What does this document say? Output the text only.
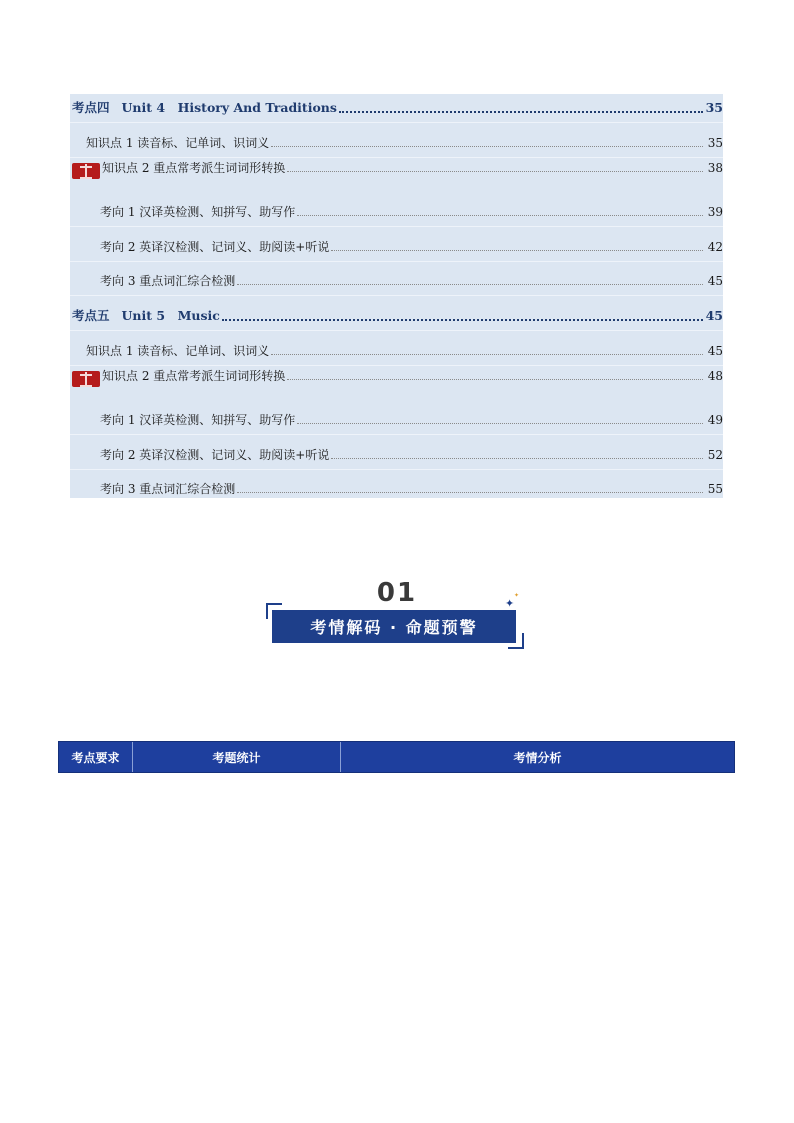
考点四 Unit 4　History And Traditions	35
知识点 1 读音标、记单词、识词义	35
知识点 2 重点常考派生词词形转换	38
考向 1 汉译英检测、知拼写、助写作	39
考向 2 英译汉检测、记词义、助阅读+听说	42
考向 3 重点词汇综合检测	45
考点五 Unit 5　Music	45
知识点 1 读音标、记单词、识词义	45
知识点 2 重点常考派生词词形转换	48
考向 1 汉译英检测、知拼写、助写作	49
考向 2 英译汉检测、记词义、助阅读+听说	52
考向 3 重点词汇综合检测	55
01
考情解码 · 命题预警
✦
✦
考点要求	考题统计	考情分析
